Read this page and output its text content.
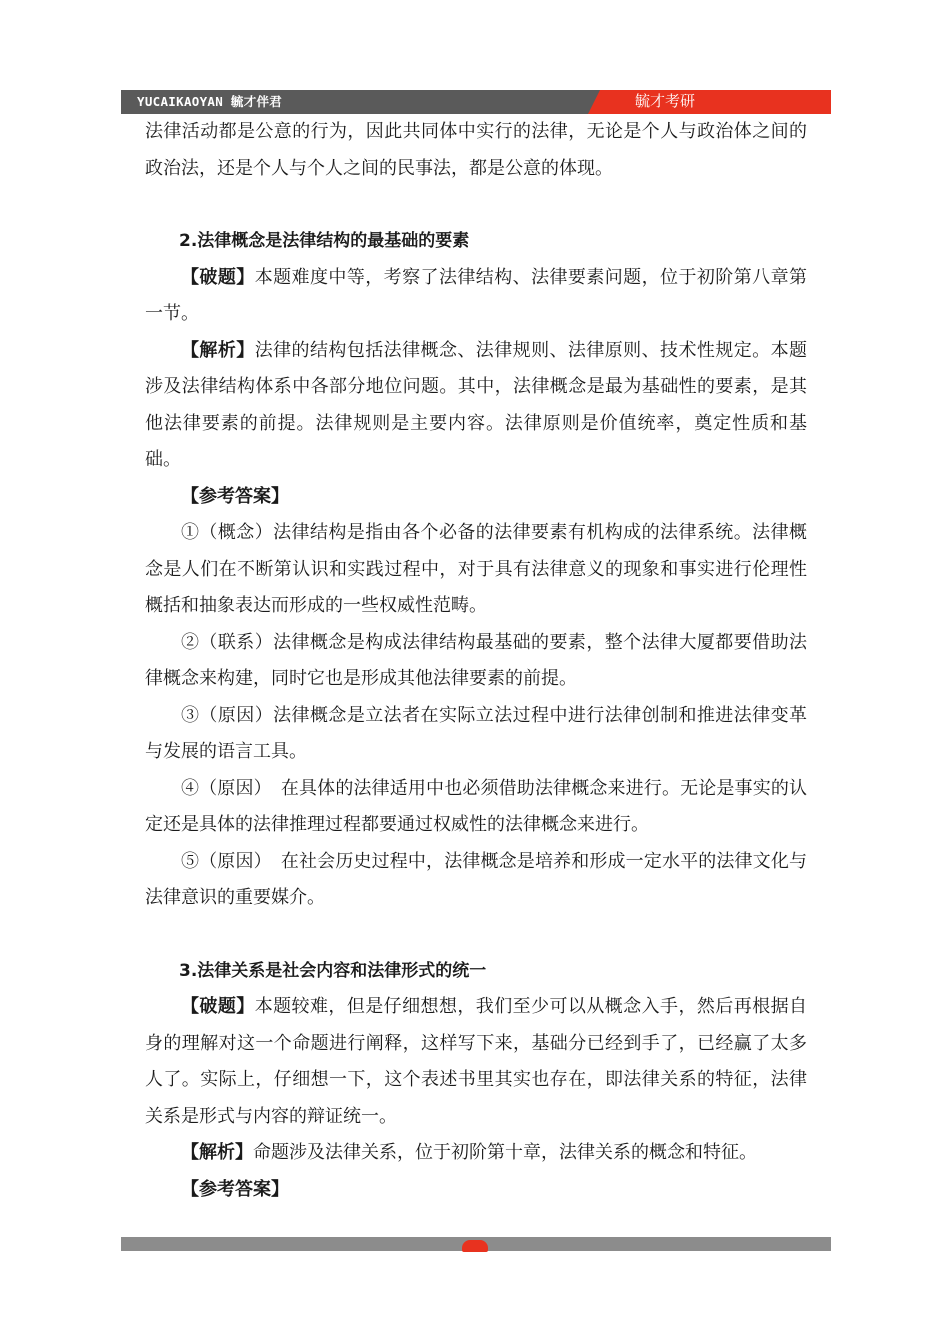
YUCAIKAOYAN 毓才伴君	毓才考研

法律活动都是公意的行为，因此共同体中实行的法律，无论是个人与政治体之间的政治法，还是个人与个人之间的民事法，都是公意的体现。

2.法律概念是法律结构的最基础的要素

【破题】本题难度中等，考察了法律结构、法律要素问题，位于初阶第八章第一节。

【解析】法律的结构包括法律概念、法律规则、法律原则、技术性规定。本题涉及法律结构体系中各部分地位问题。其中，法律概念是最为基础性的要素，是其他法律要素的前提。法律规则是主要内容。法律原则是价值统率，奠定性质和基础。

【参考答案】

①（概念）法律结构是指由各个必备的法律要素有机构成的法律系统。法律概念是人们在不断第认识和实践过程中，对于具有法律意义的现象和事实进行伦理性概括和抽象表达而形成的一些权威性范畴。

②（联系）法律概念是构成法律结构最基础的要素，整个法律大厦都要借助法律概念来构建，同时它也是形成其他法律要素的前提。

③（原因）法律概念是立法者在实际立法过程中进行法律创制和推进法律变革与发展的语言工具。

④（原因）　在具体的法律适用中也必须借助法律概念来进行。无论是事实的认定还是具体的法律推理过程都要通过权威性的法律概念来进行。

⑤（原因）　在社会历史过程中，法律概念是培养和形成一定水平的法律文化与法律意识的重要媒介。

3.法律关系是社会内容和法律形式的统一

【破题】本题较难，但是仔细想想，我们至少可以从概念入手，然后再根据自身的理解对这一个命题进行阐释，这样写下来，基础分已经到手了，已经赢了太多人了。实际上，仔细想一下，这个表述书里其实也存在，即法律关系的特征，法律关系是形式与内容的辩证统一。

【解析】命题涉及法律关系，位于初阶第十章，法律关系的概念和特征。

【参考答案】
